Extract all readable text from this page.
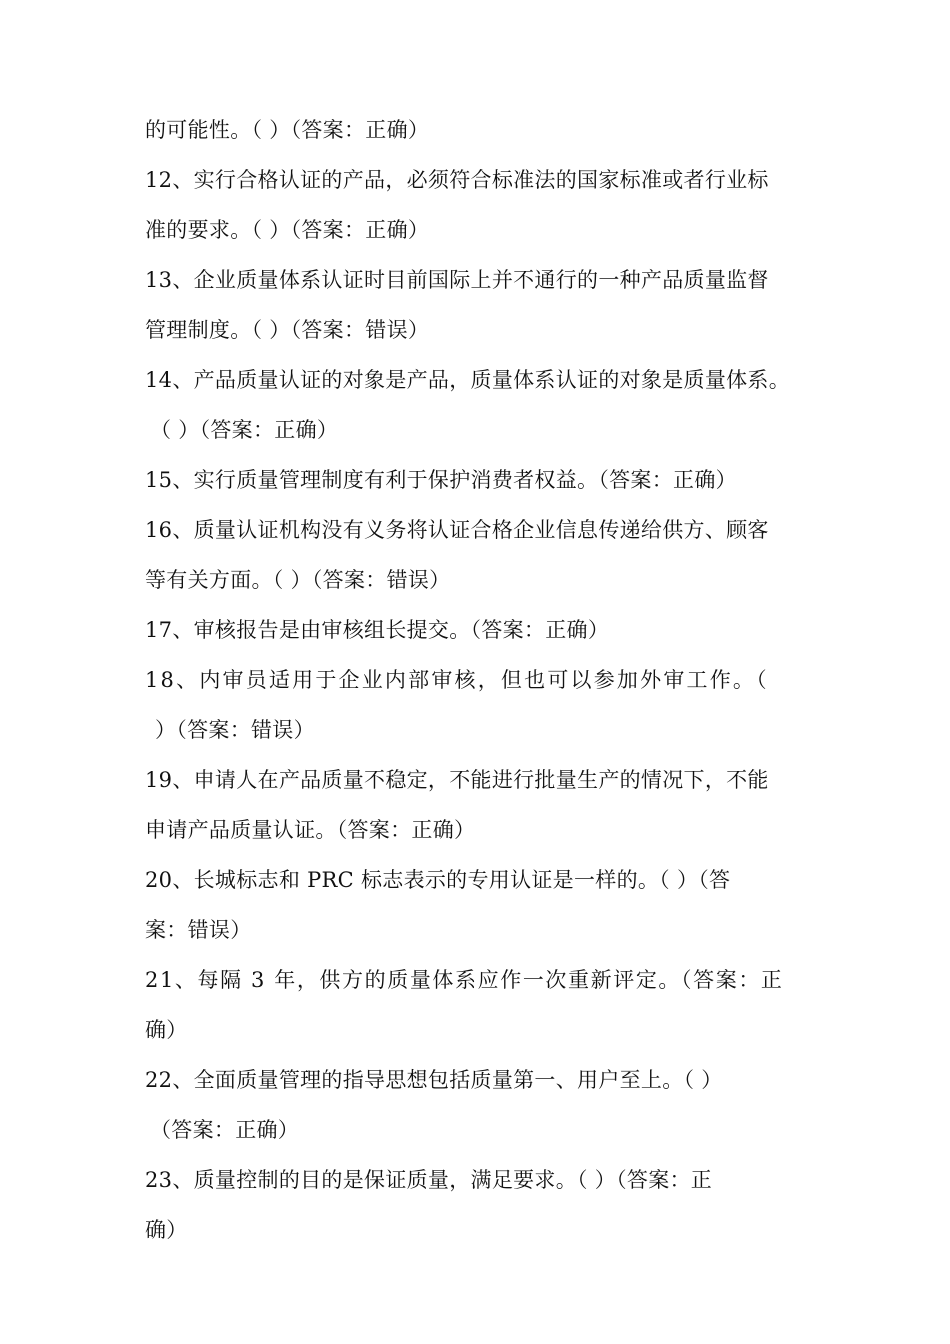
的可能性。（ ）（答案：正确）
12、实行合格认证的产品，必须符合标准法的国家标准或者行业标
准的要求。（ ）（答案：正确）
13、企业质量体系认证时目前国际上并不通行的一种产品质量监督
管理制度。（ ）（答案：错误）
14、产品质量认证的对象是产品，质量体系认证的对象是质量体系。
（ ）（答案：正确）
15、实行质量管理制度有利于保护消费者权益。（答案：正确）
16、质量认证机构没有义务将认证合格企业信息传递给供方、顾客
等有关方面。（ ）（答案：错误）
17、审核报告是由审核组长提交。（答案：正确）
18、内审员适用于企业内部审核，但也可以参加外审工作。（
）（答案：错误）
19、申请人在产品质量不稳定，不能进行批量生产的情况下，不能
申请产品质量认证。（答案：正确）
20、长城标志和 PRC 标志表示的专用认证是一样的。（ ）（答
案：错误）
21、每隔 3 年，供方的质量体系应作一次重新评定。（答案：正
确）
22、全面质量管理的指导思想包括质量第一、用户至上。（ ）
（答案：正确）
23、质量控制的目的是保证质量，满足要求。（ ）（答案：正
确）
